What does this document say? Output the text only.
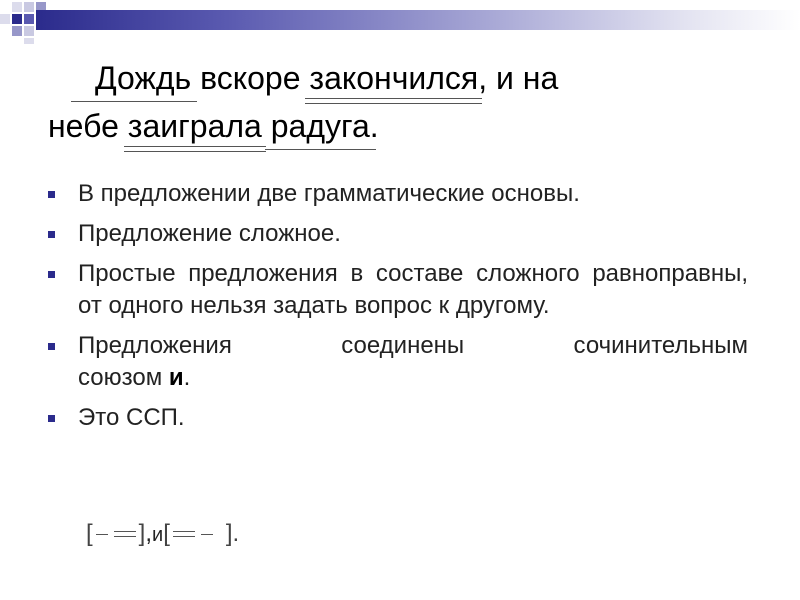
Дождь вскоре закончился, и на
небе заиграла радуга.
В предложении две грамматические основы.
Предложение сложное.
Простые предложения в составе сложного равноправны, от одного нельзя задать вопрос к другому.
Предложения	соединены	сочинительным
союзом и.
Это ССП.
[ ],и[ ].
